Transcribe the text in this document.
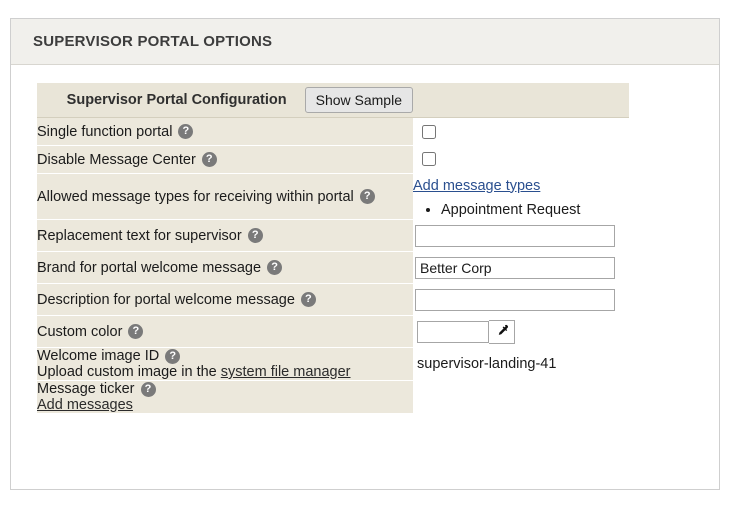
SUPERVISOR PORTAL OPTIONS
Supervisor Portal Configuration Show Sample	

Single function portal ?

Disable Message Center ?

Allowed message types for receiving within portal ?
	Add message types
• Appointment Request

Replacement text for supervisor ?

Brand for portal welcome message ?
	Better Corp

Description for portal welcome message ?

Custom color ?

Welcome image ID ?
Upload custom image in the system file manager	supervisor-landing-41

Message ticker ?
Add messages	
